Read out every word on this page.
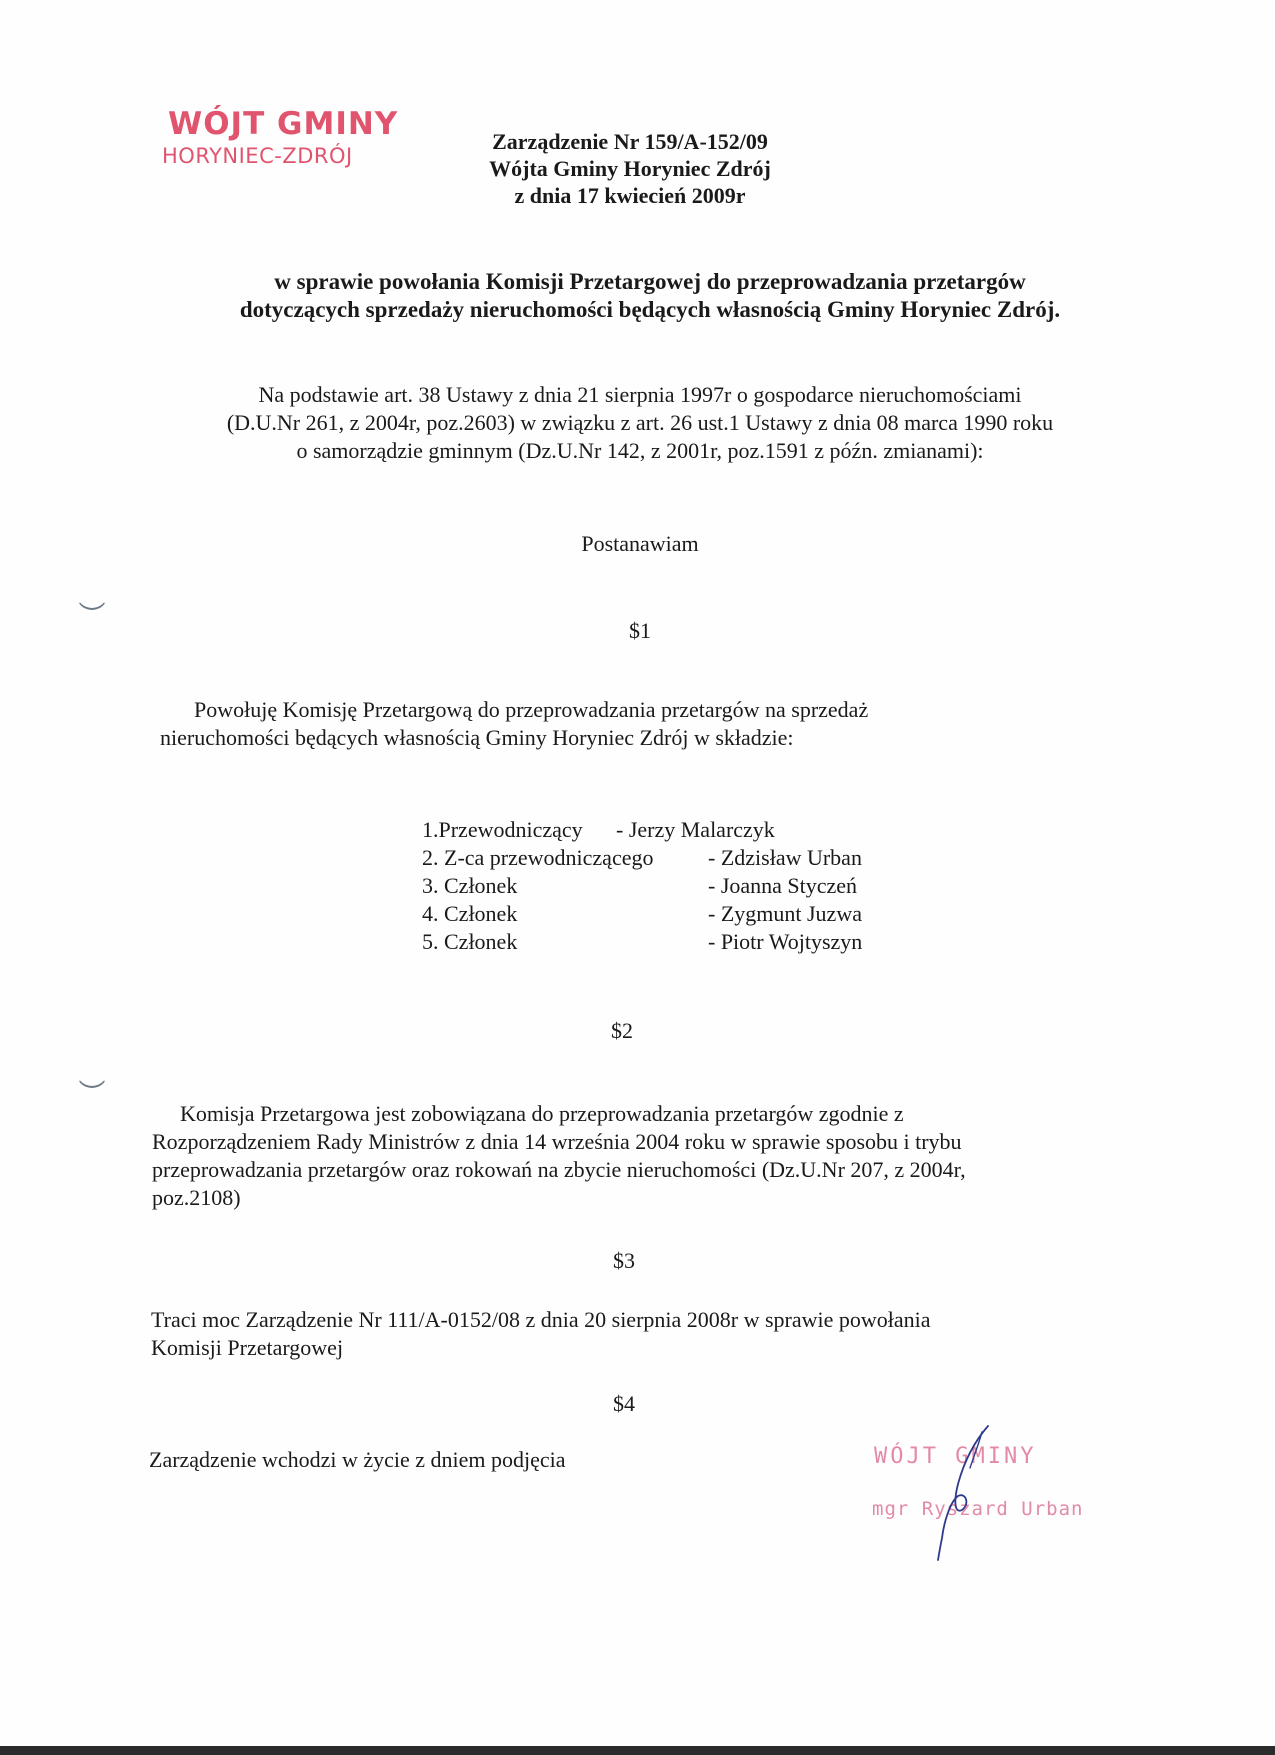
WÓJT GMINY
HORYNIEC-ZDRÓJ
Zarządzenie Nr 159/A-152/09
Wójta Gminy Horyniec Zdrój
z dnia 17 kwiecień 2009r
w sprawie powołania Komisji Przetargowej do przeprowadzania przetargów
dotyczących sprzedaży nieruchomości będących własnością Gminy Horyniec Zdrój.
Na podstawie art. 38 Ustawy z dnia 21 sierpnia 1997r o gospodarce nieruchomościami
(D.U.Nr 261, z 2004r, poz.2603) w związku z art. 26 ust.1 Ustawy z dnia 08 marca 1990 roku
o samorządzie gminnym (Dz.U.Nr 142, z 2001r, poz.1591 z późn. zmianami):
Postanawiam
$1
Powołuję Komisję Przetargową do przeprowadzania przetargów na sprzedaż
nieruchomości będących własnością Gminy Horyniec Zdrój w składzie:
1.Przewodniczący	- Jerzy Malarczyk
2. Z-ca przewodniczącego	- Zdzisław Urban
3. Członek	- Joanna Styczeń
4. Członek	- Zygmunt Juzwa
5. Członek	- Piotr Wojtyszyn
$2
Komisja Przetargowa jest zobowiązana do przeprowadzania przetargów zgodnie z
Rozporządzeniem Rady Ministrów z dnia 14 września 2004 roku w sprawie sposobu i trybu
przeprowadzania przetargów oraz rokowań na zbycie nieruchomości (Dz.U.Nr 207, z 2004r,
poz.2108)
$3
Traci moc Zarządzenie Nr 111/A-0152/08 z dnia 20 sierpnia 2008r w sprawie powołania
Komisji Przetargowej
$4
Zarządzenie wchodzi w życie z dniem podjęcia	WÓJT GMINY
mgr Ryszard Urban
